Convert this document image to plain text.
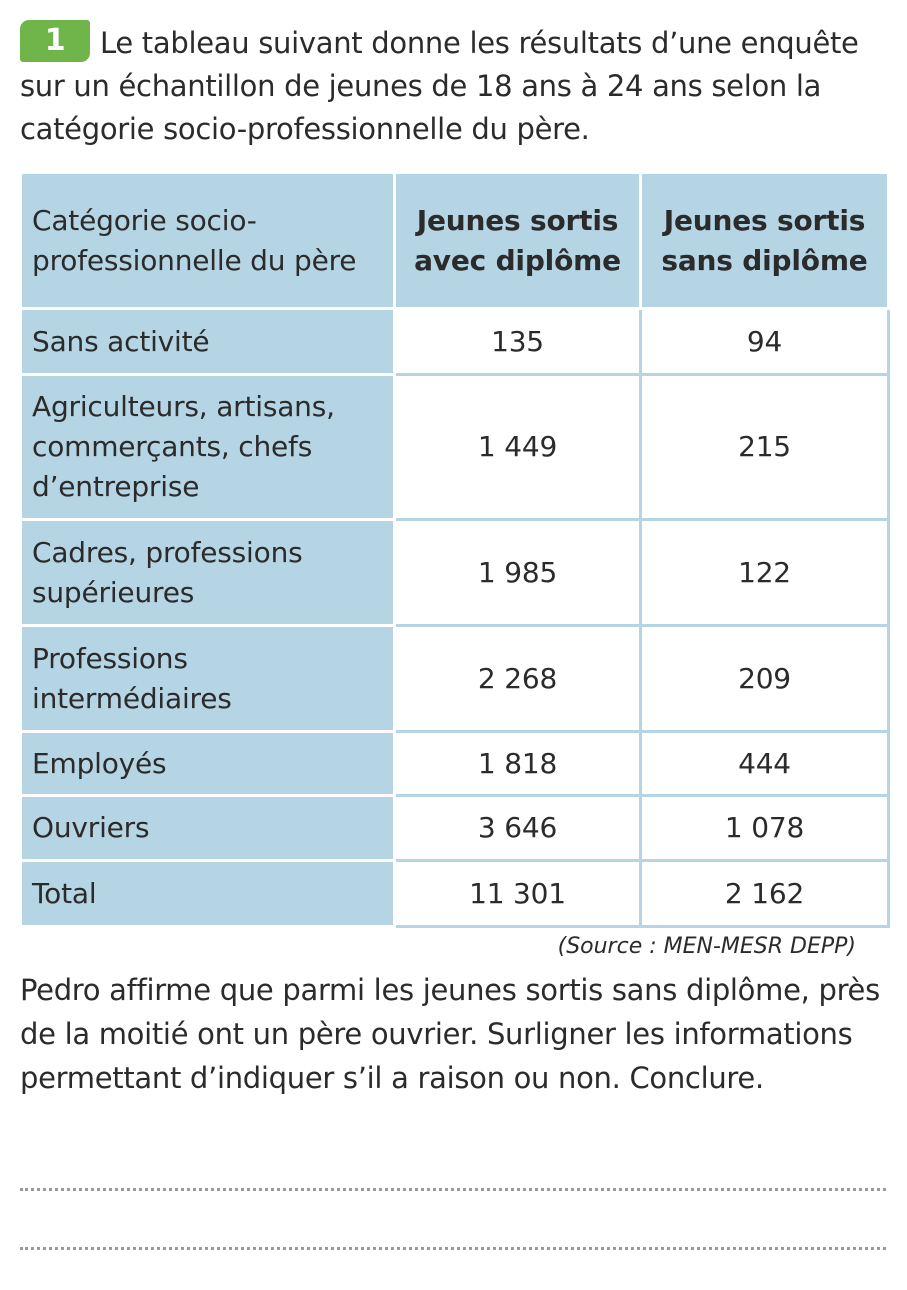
1 Le tableau suivant donne les résultats d’une enquête sur un échantillon de jeunes de 18 ans à 24 ans selon la catégorie socio-professionnelle du père.
Catégorie socio-professionnelle du père	Jeunes sortis avec diplôme	Jeunes sortis sans diplôme
Sans activité	135	94
Agriculteurs, artisans, commerçants, chefs d’entreprise	1 449	215
Cadres, professions supérieures	1 985	122
Professions intermédiaires	2 268	209
Employés	1 818	444
Ouvriers	3 646	1 078
Total	11 301	2 162
(Source : MEN-MESR DEPP)
Pedro affirme que parmi les jeunes sortis sans diplôme, près de la moitié ont un père ouvrier. Surligner les informations permettant d’indiquer s’il a raison ou non. Conclure.
